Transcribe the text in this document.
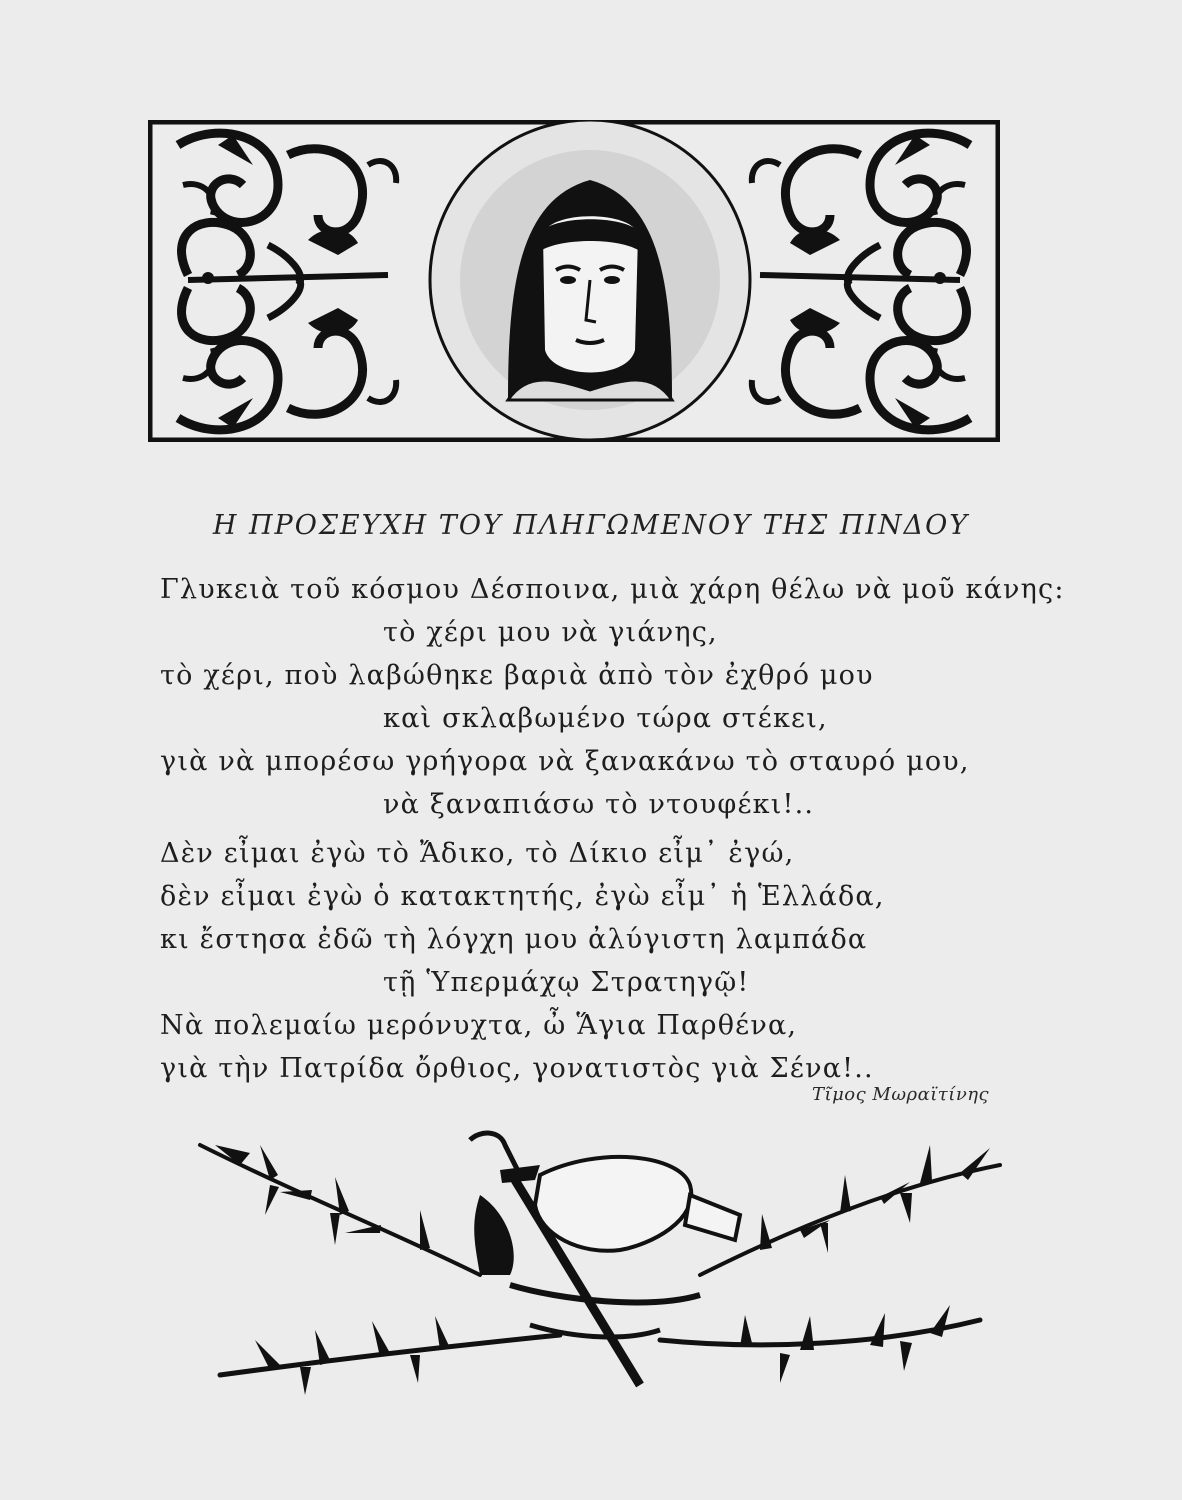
Η ΠΡΟΣΕΥΧΗ ΤΟΥ ΠΛΗΓΩΜΕΝΟΥ ΤΗΣ ΠΙΝΔΟΥ
Γλυκειὰ τοῦ κόσμου Δέσποινα, μιὰ χάρη θέλω νὰ μοῦ κάνης:
τὸ χέρι μου νὰ γιάνης,
τὸ χέρι, ποὺ λαβώθηκε βαριὰ ἀπὸ τὸν ἐχθρό μου
καὶ σκλαβωμένο τώρα στέκει,
γιὰ νὰ μπορέσω γρήγορα νὰ ξανακάνω τὸ σταυρό μου,
νὰ ξαναπιάσω τὸ ντουφέκι!..
Δὲν εἶμαι ἐγὼ τὸ Ἄδικο, τὸ Δίκιο εἶμ᾽ ἐγώ,
δὲν εἶμαι ἐγὼ ὁ κατακτητής, ἐγὼ εἶμ᾽ ἡ Ἑλλάδα,
κι ἔστησα ἐδῶ τὴ λόγχη μου ἀλύγιστη λαμπάδα
τῇ Ὑπερμάχῳ Στρατηγῷ!
Νὰ πολεμαίω μερόνυχτα, ὦ Ἅγια Παρθένα,
γιὰ τὴν Πατρίδα ὄρθιος, γονατιστὸς γιὰ Σένα!..
Τῖμος Μωραϊτίνης
